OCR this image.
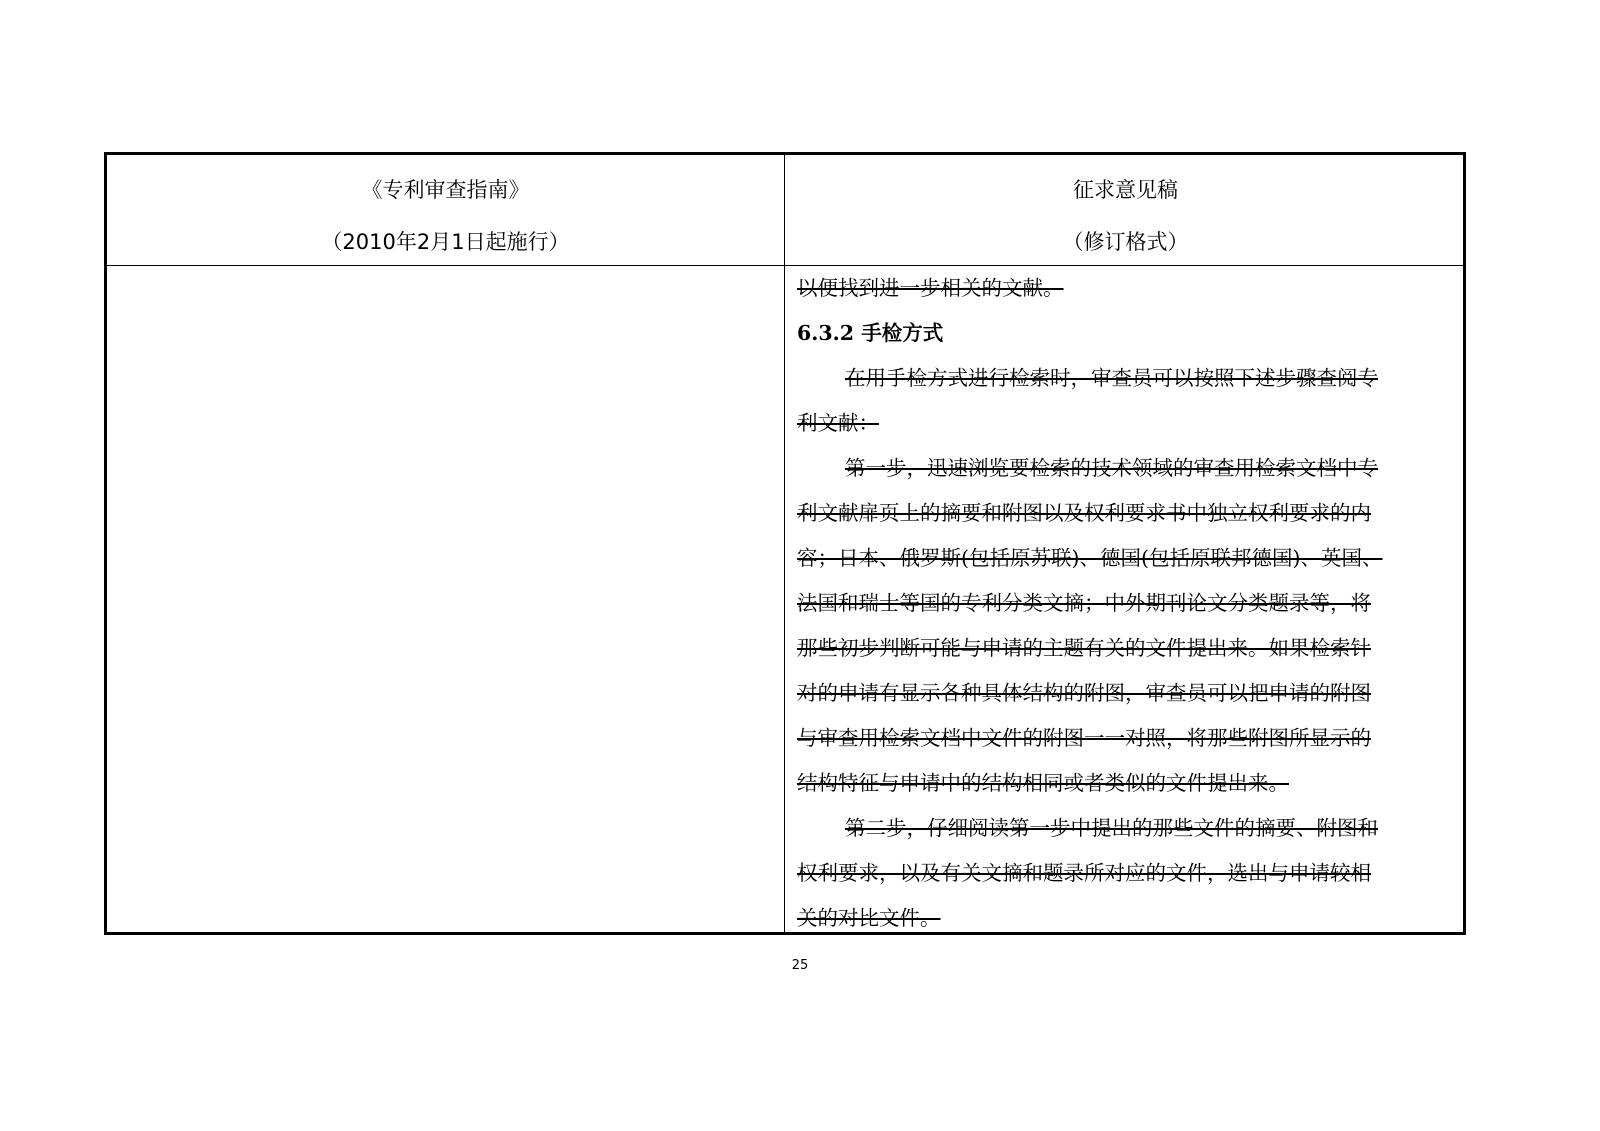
《专利审查指南》
（2010年2月1日起施行）
征求意见稿
（修订格式）

以便找到进一步相关的文献。

6.3.2 手检方式

在用手检方式进行检索时，审查员可以按照下述步骤查阅专

利文献：

第一步，迅速浏览要检索的技术领域的审查用检索文档中专

利文献扉页上的摘要和附图以及权利要求书中独立权利要求的内

容；日本、俄罗斯(包括原苏联)、德国(包括原联邦德国)、英国、

法国和瑞士等国的专利分类文摘；中外期刊论文分类题录等，将

那些初步判断可能与申请的主题有关的文件提出来。如果检索针

对的申请有显示各种具体结构的附图，审查员可以把申请的附图

与审查用检索文档中文件的附图一一对照，将那些附图所显示的

结构特征与申请中的结构相同或者类似的文件提出来。

第二步，仔细阅读第一步中提出的那些文件的摘要、附图和

权利要求，以及有关文摘和题录所对应的文件，选出与申请较相

关的对比文件。

25
